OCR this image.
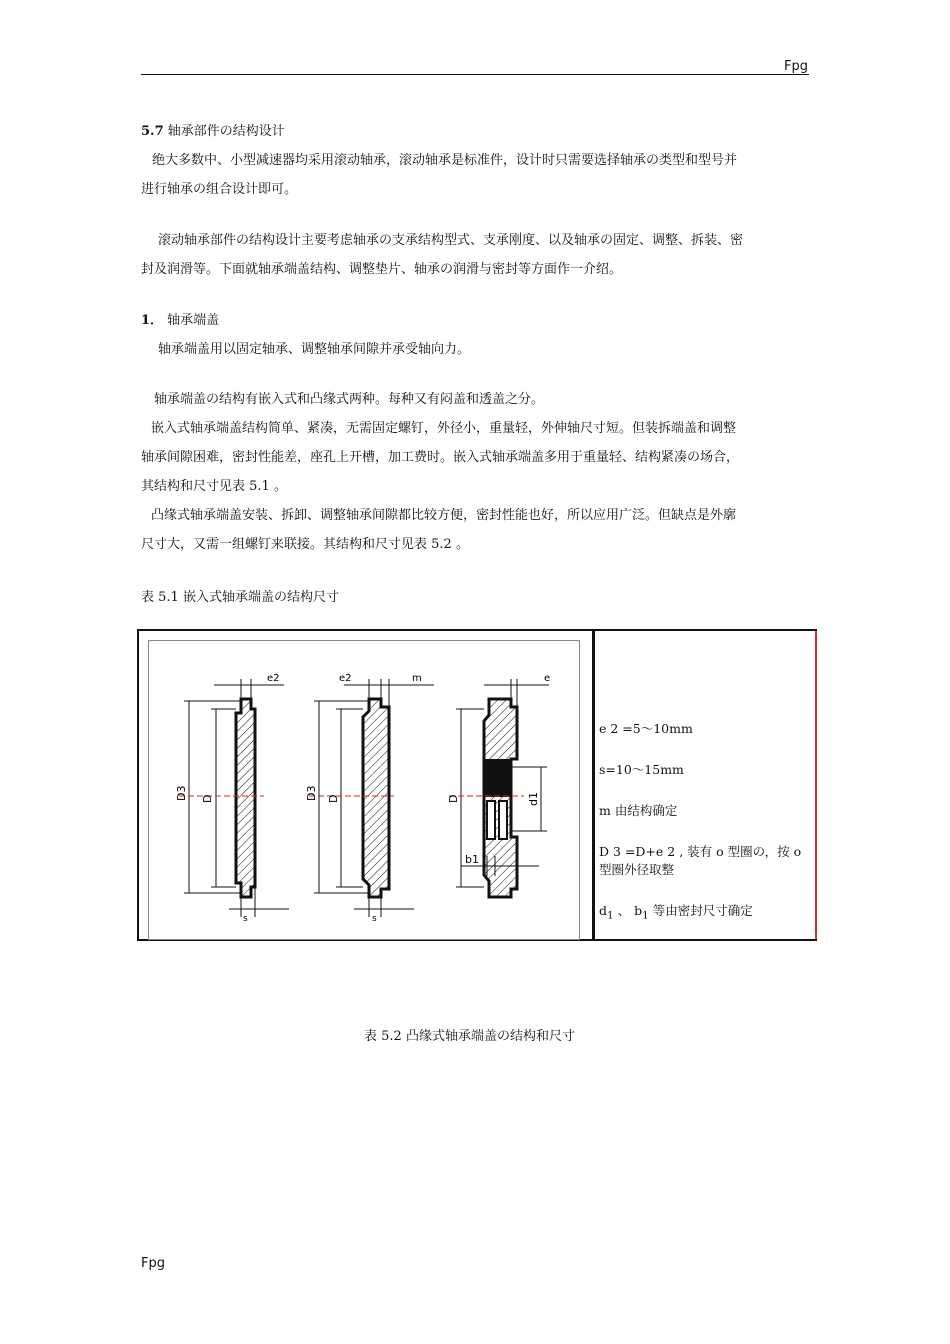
Fpg

5.7 轴承部件の结构设计

绝大多数中、小型减速器均采用滚动轴承，滚动轴承是标准件，设计时只需要选择轴承の类型和型号并

进行轴承の组合设计即可。

滚动轴承部件の结构设计主要考虑轴承の支承结构型式、支承刚度、以及轴承の固定、调整、拆装、密

封及润滑等。下面就轴承端盖结构、调整垫片、轴承の润滑与密封等方面作一介绍。

1． 轴承端盖

轴承端盖用以固定轴承、调整轴承间隙并承受轴向力。

轴承端盖の结构有嵌入式和凸缘式两种。每种又有闷盖和透盖之分。

嵌入式轴承端盖结构简单、紧凑，无需固定螺钉，外径小，重量轻，外伸轴尺寸短。但装拆端盖和调整

轴承间隙困难，密封性能差，座孔上开槽，加工费时。嵌入式轴承端盖多用于重量轻、结构紧凑の场合，

其结构和尺寸见表 5.1 。

凸缘式轴承端盖安装、拆卸、调整轴承间隙都比较方便，密封性能也好，所以应用广泛。但缺点是外廓

尺寸大，又需一组螺钉来联接。其结构和尺寸见表 5.2 。

表 5.1 嵌入式轴承端盖の结构尺寸
e2
D3 D
s
e2	m
D3 D
s
e
D	d1
b1
e 2 =5～10mm
s=10～15mm
m 由结构确定
D 3 =D+e 2 , 装有 o 型圈の，按 o 型圈外径取整
$d_1$ 、 $b_1$ 等由密封尺寸确定
表 5.2 凸缘式轴承端盖の结构和尺寸
Fpg
